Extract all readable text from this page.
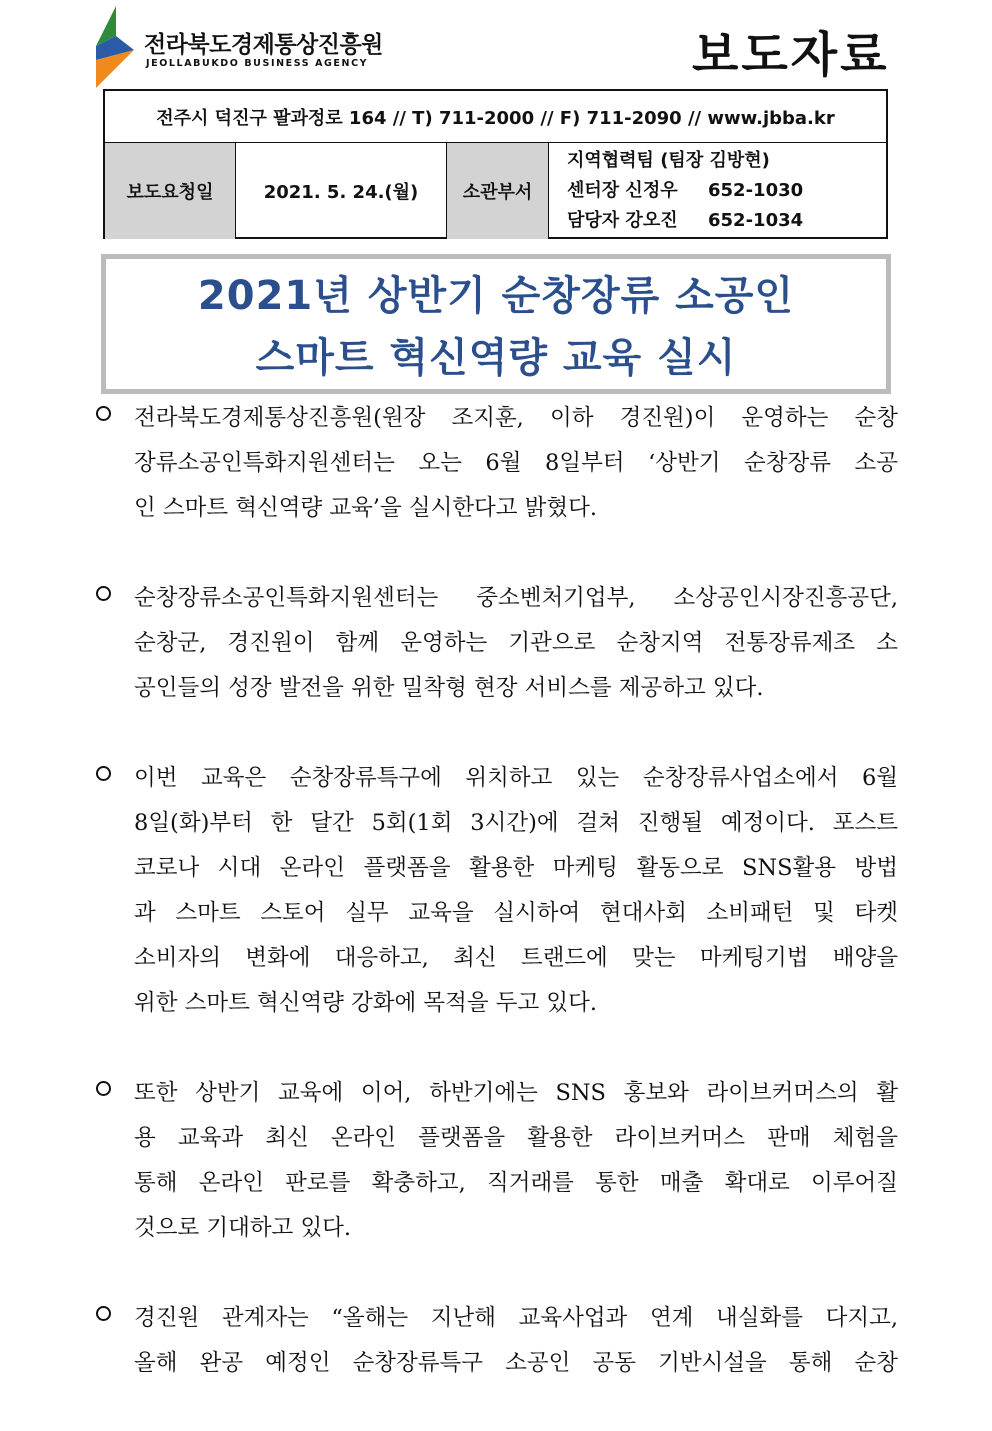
전라북도경제통상진흥원
JEOLLABUKDO BUSINESS AGENCY	보도자료
전주시 덕진구 팔과정로 164 // T) 711-2000 // F) 711-2090 // www.jbba.kr
보도요청일	2021. 5. 24.(월)	소관부서
지역협력팀 (팀장 김방현)
센터장 신정우	652-1030
담당자 강오진	652-1034
2021년 상반기 순창장류 소공인
스마트 혁신역량 교육 실시
전라북도경제통상진흥원(원장 조지훈, 이하 경진원)이 운영하는 순창
장류소공인특화지원센터는 오는 6월 8일부터 ‘상반기 순창장류 소공
인 스마트 혁신역량 교육’을 실시한다고 밝혔다.
순창장류소공인특화지원센터는 중소벤처기업부, 소상공인시장진흥공단,
순창군, 경진원이 함께 운영하는 기관으로 순창지역 전통장류제조 소
공인들의 성장 발전을 위한 밀착형 현장 서비스를 제공하고 있다.
이번 교육은 순창장류특구에 위치하고 있는 순창장류사업소에서 6월
8일(화)부터 한 달간 5회(1회 3시간)에 걸쳐 진행될 예정이다. 포스트
코로나 시대 온라인 플랫폼을 활용한 마케팅 활동으로 SNS활용 방법
과 스마트 스토어 실무 교육을 실시하여 현대사회 소비패턴 및 타켓
소비자의 변화에 대응하고, 최신 트랜드에 맞는 마케팅기법 배양을
위한 스마트 혁신역량 강화에 목적을 두고 있다.
또한 상반기 교육에 이어, 하반기에는 SNS 홍보와 라이브커머스의 활
용 교육과 최신 온라인 플랫폼을 활용한 라이브커머스 판매 체험을
통해 온라인 판로를 확충하고, 직거래를 통한 매출 확대로 이루어질
것으로 기대하고 있다.
경진원 관계자는 “올해는 지난해 교육사업과 연계 내실화를 다지고,
올해 완공 예정인 순창장류특구 소공인 공동 기반시설을 통해 순창
